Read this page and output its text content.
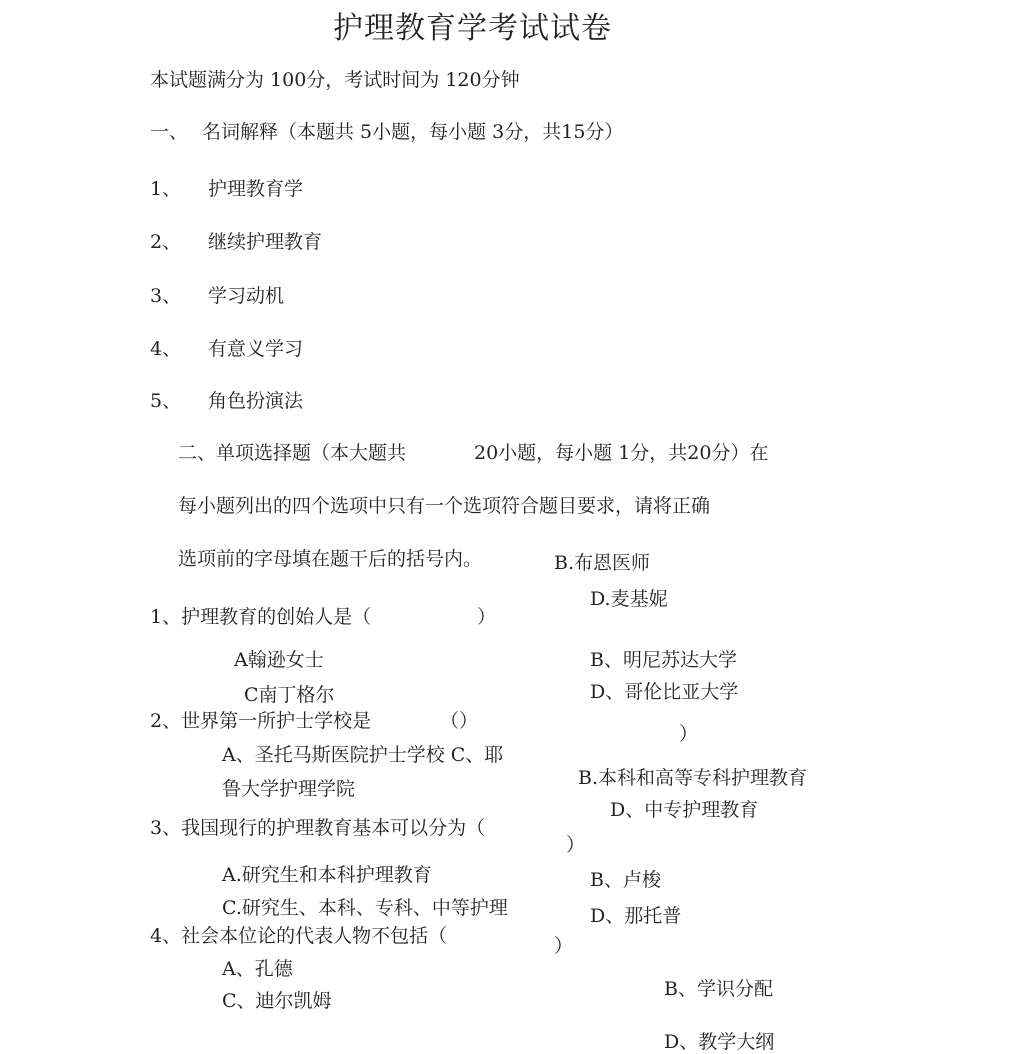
护理教育学考试试卷
本试题满分为 100分，考试时间为 120分钟
一、 名词解释（本题共 5小题，每小题 3分，共15分）
1、 护理教育学
2、 继续护理教育
3、 学习动机
4、 有意义学习
5、 角色扮演法
二、单项选择题（本大题共	20小题，每小题 1分，共20分）在
每小题列出的四个选项中只有一个选项符合题目要求，请将正确
选项前的字母填在题干后的括号内。	B.布恩医师
D.麦基妮
1、护理教育的创始人是（	）
A翰逊女士
C南丁格尔
B、明尼苏达大学
D、哥伦比亚大学
2、世界第一所护士学校是	（）
）
A、圣托马斯医院护士学校 C、耶
鲁大学护理学院	B.本科和高等专科护理教育
D、中专护理教育
3、我国现行的护理教育基本可以分为（
）
A.研究生和本科护理教育
C.研究生、本科、专科、中等护理
B、卢梭
D、那托普
4、社会本位论的代表人物不包括（	）
A、孔德
C、迪尔凯姆
B、学识分配
D、教学大纲
